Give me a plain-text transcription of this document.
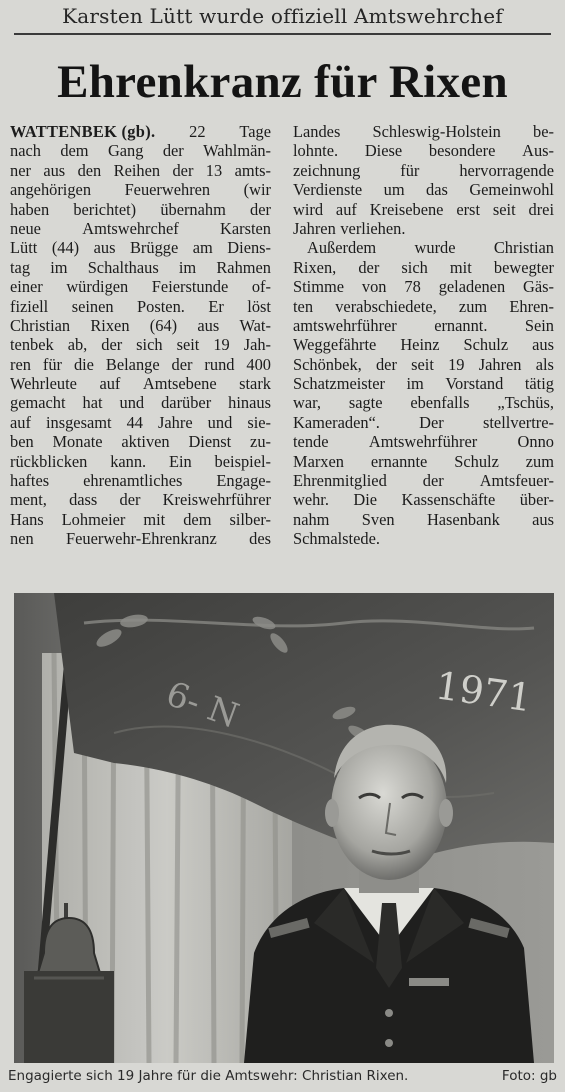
Karsten Lütt wurde offiziell Amtswehrchef
Ehrenkranz für Rixen
WATTENBEK (gb). 22 Tage
nach dem Gang der Wahlmän-
ner aus den Reihen der 13 amts-
angehörigen Feuerwehren (wir
haben berichtet) übernahm der
neue	Amtswehrchef	Karsten
Lütt (44) aus Brügge am Diens-
tag im Schalthaus im Rahmen
einer würdigen Feierstunde of-
fiziell seinen Posten. Er löst
Christian Rixen (64) aus Wat-
tenbek ab, der sich seit 19 Jah-
ren für die Belange der rund 400
Wehrleute auf Amtsebene stark
gemacht hat und darüber hinaus
auf insgesamt 44 Jahre und sie-
ben Monate aktiven Dienst zu-
rückblicken kann. Ein beispiel-
haftes ehrenamtliches Engage-
ment, dass der Kreiswehrführer
Hans Lohmeier mit dem silber-
nen Feuerwehr-Ehrenkranz des
Landes Schleswig-Holstein be-
lohnte. Diese besondere Aus-
zeichnung für hervorragende
Verdienste um das Gemeinwohl
wird auf Kreisebene erst seit drei
Jahren verliehen.
Außerdem wurde Christian
Rixen, der sich mit bewegter
Stimme von 78 geladenen Gäs-
ten verabschiedete, zum Ehren-
amtswehrführer ernannt. Sein
Weggefährte Heinz Schulz aus
Schönbek, der seit 19 Jahren als
Schatzmeister im Vorstand tätig
war, sagte ebenfalls „Tschüs,
Kameraden“. Der stellvertre-
tende Amtswehrführer Onno
Marxen ernannte Schulz zum
Ehrenmitglied der Amtsfeuer-
wehr. Die Kassenschäfte über-
nahm Sven Hasenbank aus
Schmalstede.
6- N	1971
Engagierte sich 19 Jahre für die Amtswehr: Christian Rixen.	Foto: gb
